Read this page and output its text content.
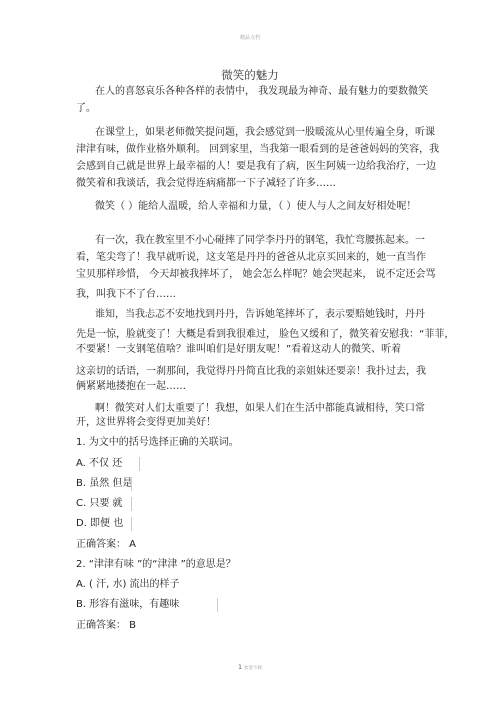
精品文档
微笑的魅力
在人的喜怒哀乐各种各样的表情中， 我发现最为神奇、最有魅力的要数微笑
了。
在课堂上，如果老师微笑提问题，我会感觉到一股暖流从心里传遍全身，听课
津津有味，做作业格外顺利。 回到家里，当我第一眼看到的是爸爸妈妈的笑容，我
会感到自己就是世界上最幸福的人！要是我有了病，医生阿姨一边给我治疗，一边
微笑着和我谈话，我会觉得连病痛都一下子减轻了许多……
微笑（ ）能给人温暖，给人幸福和力量，（ ）使人与人之间友好相处呢！
有一次，我在教室里不小心碰摔了同学李丹丹的钢笔，我忙弯腰拣起来。一
看，笔尖弯了！我早就听说，这支笔是丹丹的爸爸从北京买回来的，她一直当作
宝贝那样珍惜， 今天却被我摔坏了， 她会怎么样呢？她会哭起来， 说不定还会骂
我，叫我下不了台……
谁知，当我忐忑不安地找到丹丹，告诉她笔摔坏了，表示要赔她钱时，丹丹
先是一惊，脸就变了！大概是看到我很难过， 脸色又缓和了，微笑着安慰我：“菲菲，
不要紧！一支钢笔值啥？谁叫咱们是好朋友呢！”看着这动人的微笑、听着
这亲切的话语，一刹那间，我觉得丹丹简直比我的亲姐妹还要亲！我扑过去，我
俩紧紧地搂抱在一起……
啊！微笑对人们太重要了！我想，如果人们在生活中都能真诚相待，笑口常
开，这世界将会变得更加美好！
1. 为文中的括号选择正确的关联词。
A. 不仅 还
B. 虽然 但是
C. 只要 就
D. 即便 也
正确答案： A
2. “津津有味 ”的“津津 ”的意思是？
A. ( 汗, 水) 流出的样子
B. 形容有滋味，有趣味
正确答案： B
1 欢迎下载
